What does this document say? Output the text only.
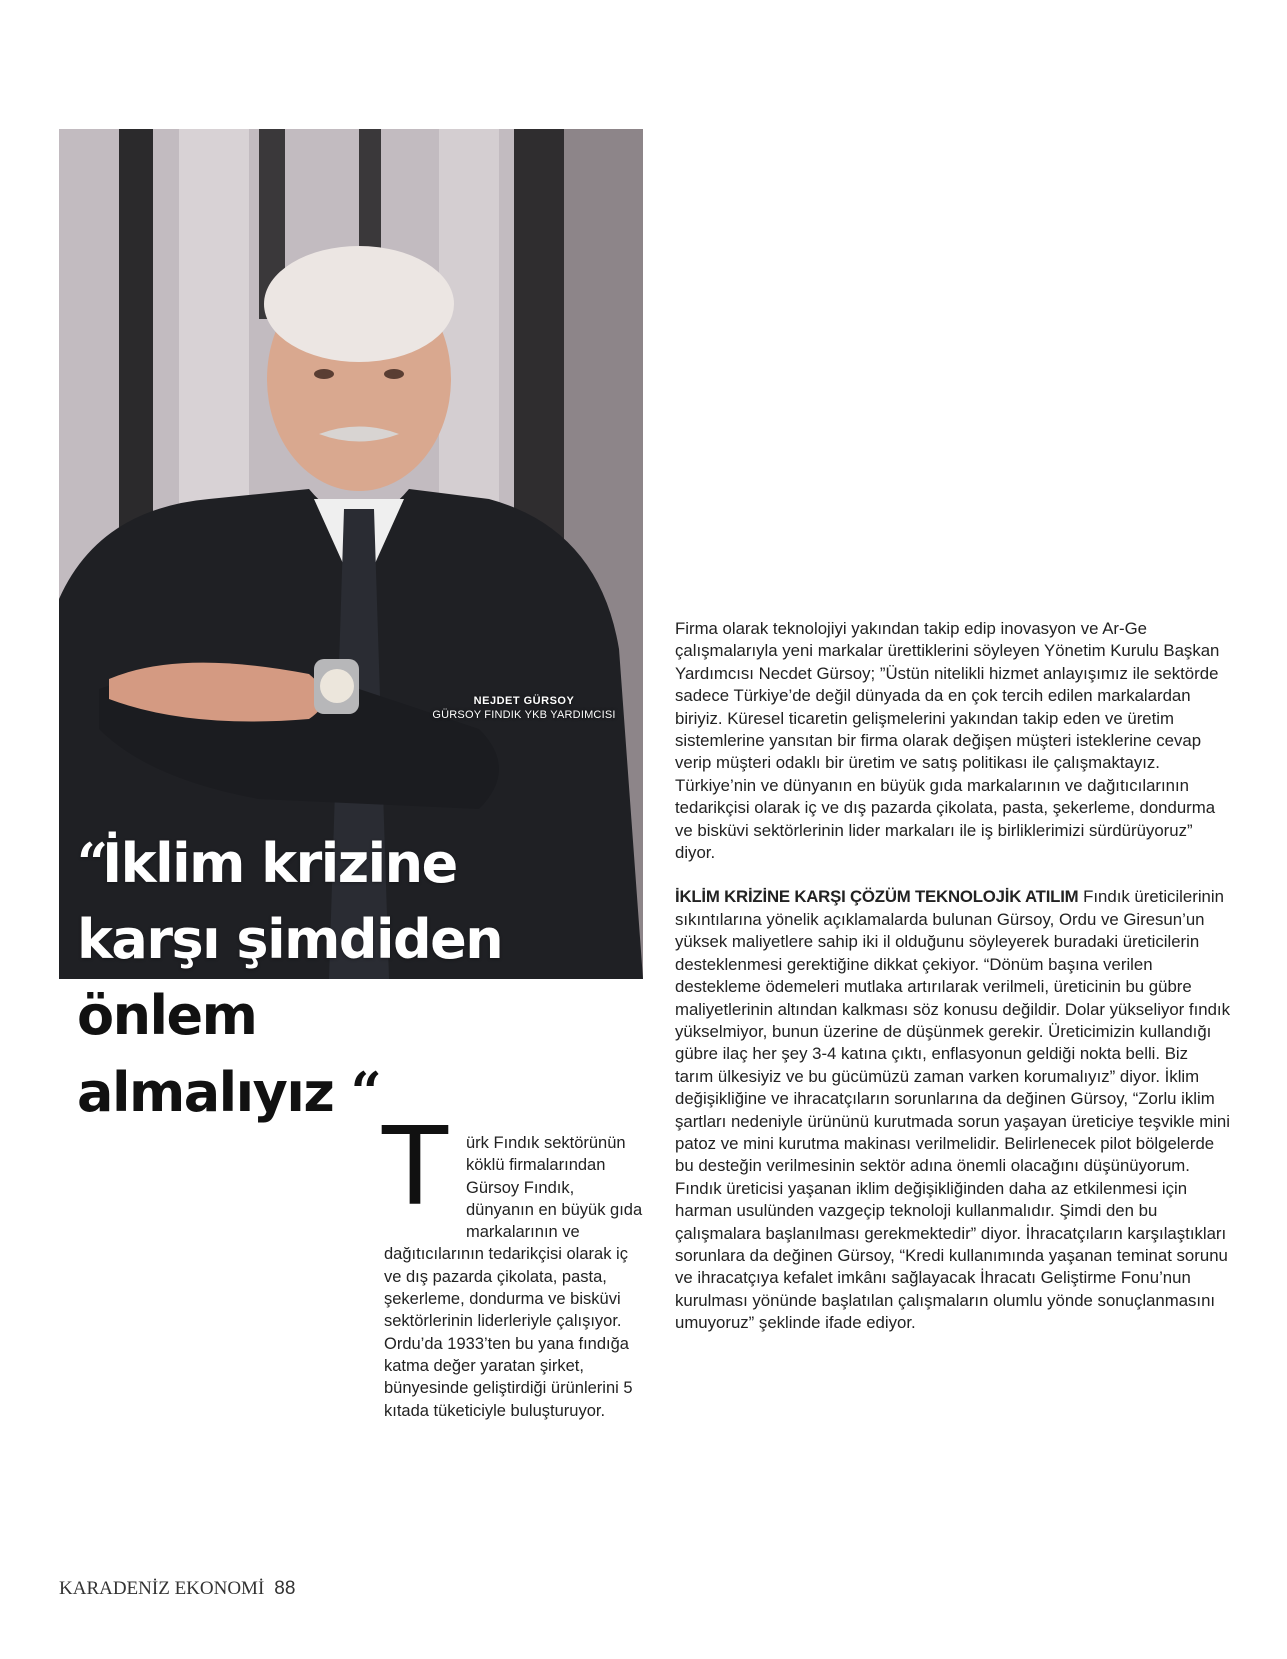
NEJDET GÜRSOY
GÜRSOY FINDIK YKB YARDIMCISI
“İklim krizine
karşı şimdiden
önlem
almalıyız “
T	ürk Fındık sektörünün köklü firmalarından Gürsoy Fındık, dünyanın en büyük gıda markalarının ve dağıtıcılarının tedarikçisi olarak iç ve dış pazarda çikolata, pasta, şekerleme, dondurma ve bisküvi sektörlerinin liderleriyle çalışıyor. Ordu’da 1933’ten bu yana fındığa katma değer yaratan şirket, bünyesinde geliştirdiği ürünlerini 5 kıtada tüketiciyle buluşturuyor.

Firma olarak teknolojiyi yakından takip edip inovasyon ve Ar-Ge çalışmalarıyla yeni markalar ürettiklerini söyleyen Yönetim Kurulu Başkan Yardımcısı Necdet Gürsoy; ”Üstün nitelikli hizmet anlayışımız ile sektörde sadece Türkiye’de değil dünyada da en çok tercih edilen markalardan biriyiz. Küresel ticaretin gelişmelerini yakından takip eden ve üretim sistemlerine yansıtan bir firma olarak değişen müşteri isteklerine cevap verip müşteri odaklı bir üretim ve satış politikası ile çalışmaktayız. Türkiye’nin ve dünyanın en büyük gıda markalarının ve dağıtıcılarının tedarikçisi olarak iç ve dış pazarda çikolata, pasta, şekerleme, dondurma ve bisküvi sektörlerinin lider markaları ile iş birliklerimizi sürdürüyoruz” diyor.

İKLİM KRİZİNE KARŞI ÇÖZÜM TEKNOLOJİK ATILIM Fındık üreticilerinin sıkıntılarına yönelik açıklamalarda bulunan Gürsoy, Ordu ve Giresun’un yüksek maliyetlere sahip iki il olduğunu söyleyerek buradaki üreticilerin desteklenmesi gerektiğine dikkat çekiyor. “Dönüm başına verilen destekleme ödemeleri mutlaka artırılarak verilmeli, üreticinin bu gübre maliyetlerinin altından kalkması söz konusu değildir. Dolar yükseliyor fındık yükselmiyor, bunun üzerine de düşünmek gerekir. Üreticimizin kullandığı gübre ilaç her şey 3-4 katına çıktı, enflasyonun geldiği nokta belli. Biz tarım ülkesiyiz ve bu gücümüzü zaman varken korumalıyız” diyor. İklim değişikliğine ve ihracatçıların sorunlarına da değinen Gürsoy, “Zorlu iklim şartları nedeniyle ürününü kurutmada sorun yaşayan üreticiye teşvikle mini patoz ve mini kurutma makinası verilmelidir. Belirlenecek pilot bölgelerde bu desteğin verilmesinin sektör adına önemli olacağını düşünüyorum. Fındık üreticisi yaşanan iklim değişikliğinden daha az etkilenmesi için harman usulünden vazgeçip teknoloji kullanmalıdır. Şimdi den bu çalışmalara başlanılması gerekmektedir” diyor. İhracatçıların karşılaştıkları sorunlara da değinen Gürsoy, “Kredi kullanımında yaşanan teminat sorunu ve ihracatçıya kefalet imkânı sağlayacak İhracatı Geliştirme Fonu’nun kurulması yönünde başlatılan çalışmaların olumlu yönde sonuçlanmasını umuyoruz” şeklinde ifade ediyor.

KARADENİZ EKONOMİ 88
